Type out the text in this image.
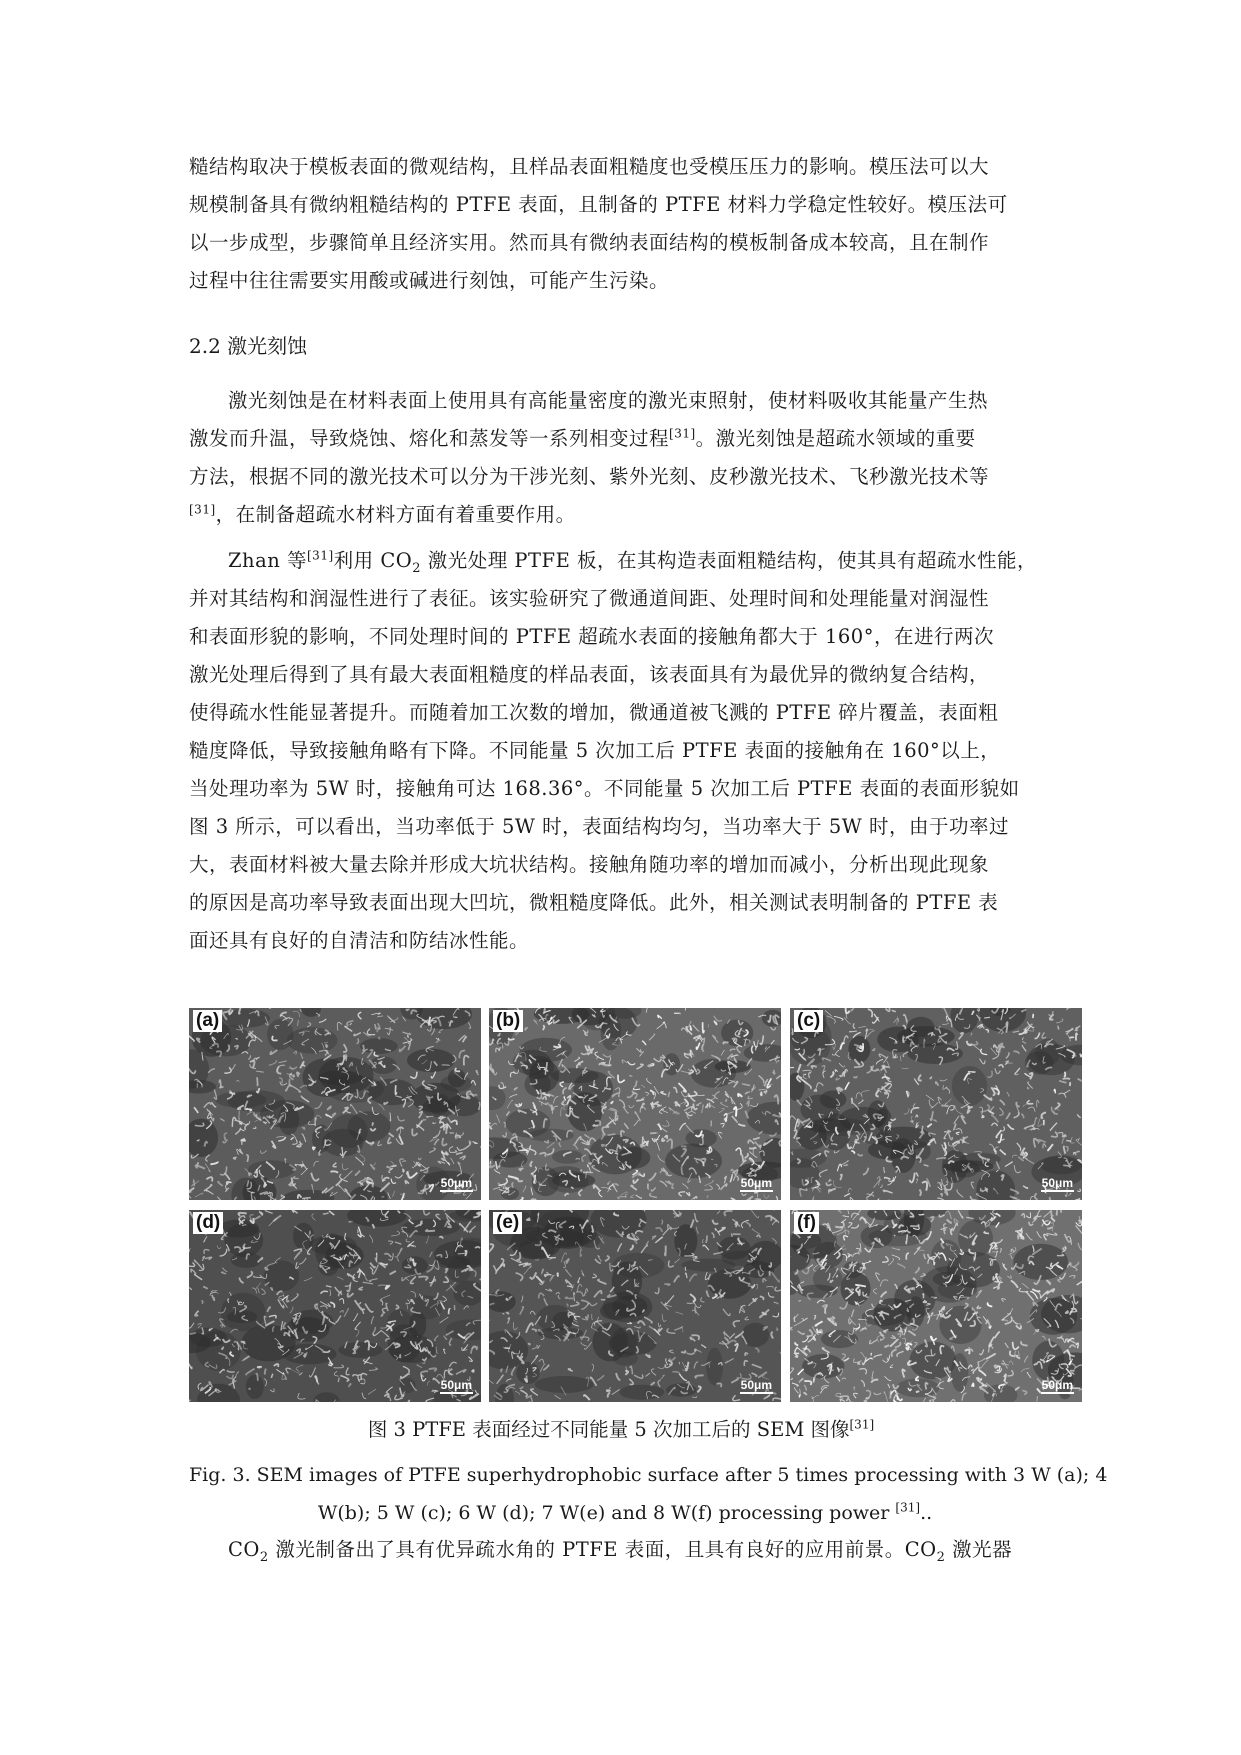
糙结构取决于模板表面的微观结构，且样品表面粗糙度也受模压压力的影响。模压法可以大
规模制备具有微纳粗糙结构的 PTFE 表面，且制备的 PTFE 材料力学稳定性较好。模压法可
以一步成型，步骤简单且经济实用。然而具有微纳表面结构的模板制备成本较高，且在制作
过程中往往需要实用酸或碱进行刻蚀，可能产生污染。

2.2 激光刻蚀

激光刻蚀是在材料表面上使用具有高能量密度的激光束照射，使材料吸收其能量产生热
激发而升温，导致烧蚀、熔化和蒸发等一系列相变过程[31]。激光刻蚀是超疏水领域的重要
方法，根据不同的激光技术可以分为干涉光刻、紫外光刻、皮秒激光技术、飞秒激光技术等
[31]，在制备超疏水材料方面有着重要作用。
Zhan 等[31]利用 $CO_2$ 激光处理 PTFE 板，在其构造表面粗糙结构，使其具有超疏水性能，
并对其结构和润湿性进行了表征。该实验研究了微通道间距、处理时间和处理能量对润湿性
和表面形貌的影响，不同处理时间的 PTFE 超疏水表面的接触角都大于 160°，在进行两次
激光处理后得到了具有最大表面粗糙度的样品表面，该表面具有为最优异的微纳复合结构，
使得疏水性能显著提升。而随着加工次数的增加，微通道被飞溅的 PTFE 碎片覆盖，表面粗
糙度降低，导致接触角略有下降。不同能量 5 次加工后 PTFE 表面的接触角在 160°以上，
当处理功率为 5W 时，接触角可达 168.36°。不同能量 5 次加工后 PTFE 表面的表面形貌如
图 3 所示，可以看出，当功率低于 5W 时，表面结构均匀，当功率大于 5W 时，由于功率过
大，表面材料被大量去除并形成大坑状结构。接触角随功率的增加而减小，分析出现此现象
的原因是高功率导致表面出现大凹坑，微粗糙度降低。此外，相关测试表明制备的 PTFE 表
面还具有良好的自清洁和防结冰性能。
(a)
50μm
(b)
50μm
(c)
50μm
(d)
50μm
(e)
50μm
(f)
50μm

图 3 PTFE 表面经过不同能量 5 次加工后的 SEM 图像[31]

Fig. 3. SEM images of PTFE superhydrophobic surface after 5 times processing with 3 W (a); 4
W(b); 5 W (c); 6 W (d); 7 W(e) and 8 W(f) processing power [31]..

$CO_2$ 激光制备出了具有优异疏水角的 PTFE 表面，且具有良好的应用前景。$CO_2$ 激光器
